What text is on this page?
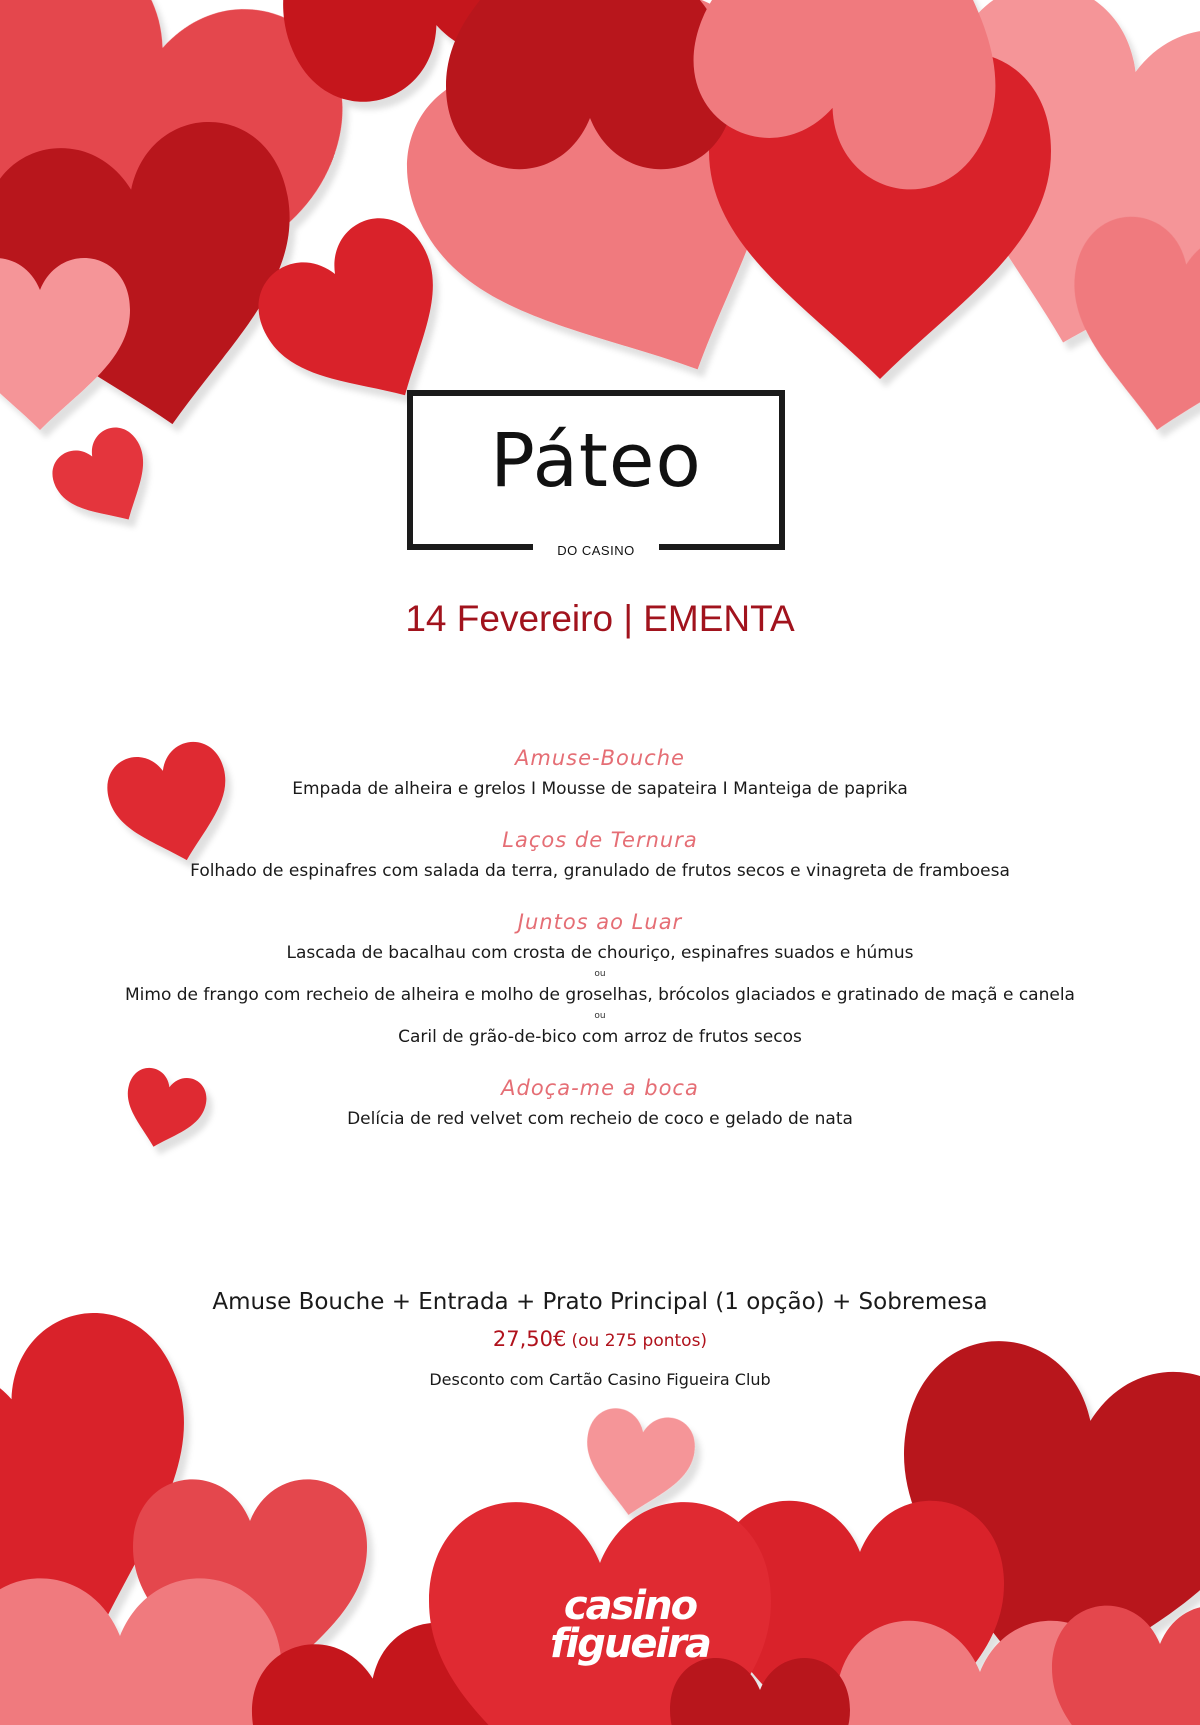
Páteo
DO CASINO
14 Fevereiro | EMENTA
Amuse-Bouche
Empada de alheira e grelos I Mousse de sapateira I Manteiga de paprika
Laços de Ternura
Folhado de espinafres com salada da terra, granulado de frutos secos e vinagreta de framboesa
Juntos ao Luar
Lascada de bacalhau com crosta de chouriço, espinafres suados e húmus
ou
Mimo de frango com recheio de alheira e molho de groselhas, brócolos glaciados e gratinado de maçã e canela
ou
Caril de grão-de-bico com arroz de frutos secos
Adoça-me a boca
Delícia de red velvet com recheio de coco e gelado de nata
Amuse Bouche + Entrada + Prato Principal (1 opção) + Sobremesa
27,50€ (ou 275 pontos)
Desconto com Cartão Casino Figueira Club
casino
figueira
